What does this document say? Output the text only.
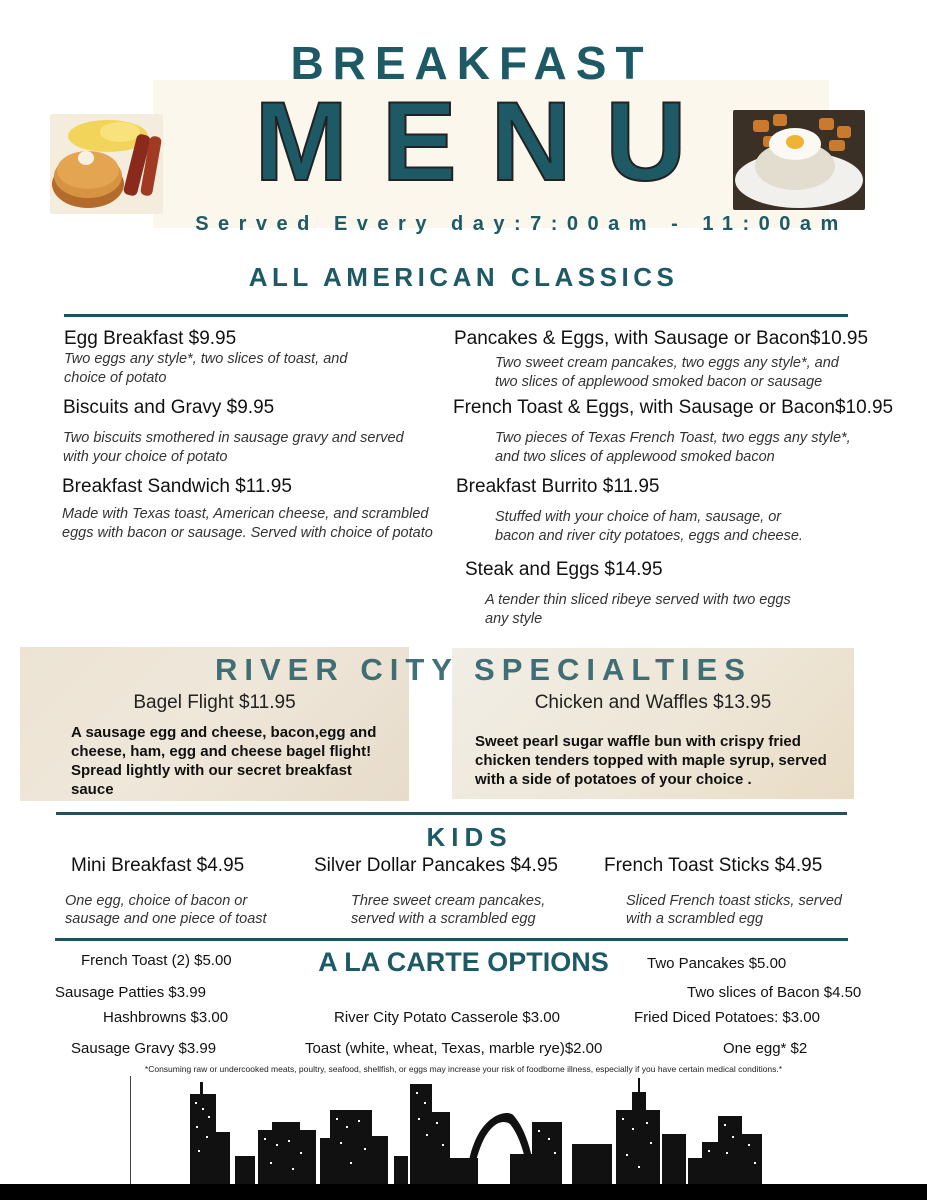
BREAKFAST
MENU
Served Every day:7:00am - 11:00am
ALL AMERICAN CLASSICS
Egg Breakfast $9.95
Two eggs any style*, two slices of toast, and choice of potato
Biscuits and Gravy $9.95
Two biscuits smothered in sausage gravy and served with your choice of potato
Breakfast Sandwich $11.95
Made with Texas toast, American cheese, and scrambled eggs with bacon or sausage. Served with choice of potato
Pancakes & Eggs, with Sausage or Bacon$10.95
Two sweet cream pancakes, two eggs any style*, and two slices of applewood smoked bacon or sausage
French Toast & Eggs, with Sausage or Bacon$10.95
Two pieces of Texas French Toast, two eggs any style*, and two slices of applewood smoked bacon
Breakfast Burrito $11.95
Stuffed with your choice of ham, sausage, or bacon and river city potatoes, eggs and cheese.
Steak and Eggs $14.95
A tender thin sliced ribeye served with two eggs any style
RIVER CITY SPECIALTIES
Bagel Flight $11.95
A sausage egg and cheese, bacon,egg and cheese, ham, egg and cheese bagel flight! Spread lightly with our secret breakfast sauce
Chicken and Waffles $13.95
Sweet pearl sugar waffle bun with crispy fried chicken tenders topped with maple syrup, served with a side of potatoes of your choice .
KIDS
Mini Breakfast $4.95
One egg, choice of bacon or sausage and one piece of toast
Silver Dollar Pancakes $4.95
Three sweet cream pancakes, served with a scrambled egg
French Toast Sticks $4.95
Sliced French toast sticks, served with a scrambled egg
A LA CARTE OPTIONS
French Toast (2) $5.00	Two Pancakes $5.00
Sausage Patties $3.99	Two slices of Bacon $4.50
Hashbrowns $3.00	River City Potato Casserole $3.00	Fried Diced Potatoes: $3.00
Sausage Gravy $3.99	Toast (white, wheat, Texas, marble rye)$2.00	One egg* $2
*Consuming raw or undercooked meats, poultry, seafood, shellfish, or eggs may increase your risk of foodborne illness, especially if you have certain medical conditions.*
